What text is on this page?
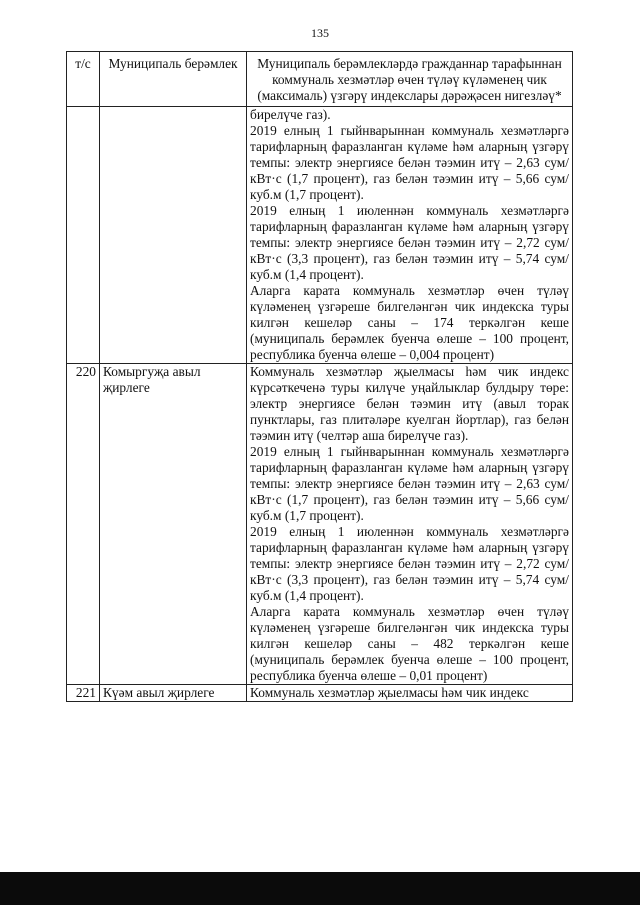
135
т/с	Муниципаль берәмлек	Муниципаль берәмлекләрдә гражданнар тарафыннан коммуналь хезмәтләр өчен түләү күләменең чик (максималь) үзгәрү индекслары дәрәҗәсен нигезләү*

		бирелүче газ).

2019 елның 1 гыйнварыннан коммуналь хезмәтләргә тарифларның фаразланган күләме һәм аларның үзгәрү темпы: электр энергиясе белән тәэмин итү – 2,63 сум/кВт·с (1,7 процент), газ белән тәэмин итү – 5,66 сум/куб.м (1,7 процент).

2019 елның 1 июленнән коммуналь хезмәтләргә тарифларның фаразланган күләме һәм аларның үзгәрү темпы: электр энергиясе белән тәэмин итү – 2,72 сум/кВт·с (3,3 процент), газ белән тәэмин итү – 5,74 сум/куб.м (1,4 процент).

Аларга карата коммуналь хезмәтләр өчен түләү күләменең үзгәреше билгеләнгән чик индекска туры килгән кешеләр саны – 174 теркәлгән кеше (муниципаль берәмлек буенча өлеше – 100 процент, республика буенча өлеше – 0,004 процент)

220	Комыргуҗа авыл җирлеге	Коммуналь хезмәтләр җыелмасы һәм чик индекс күрсәткеченә туры килүче уңайлыклар булдыру төре: электр энергиясе белән тәэмин итү (авыл торак пунктлары, газ плитәләре куелган йортлар), газ белән тәэмин итү (челтәр аша бирелүче газ).

2019 елның 1 гыйнварыннан коммуналь хезмәтләргә тарифларның фаразланган күләме һәм аларның үзгәрү темпы: электр энергиясе белән тәэмин итү – 2,63 сум/кВт·с (1,7 процент), газ белән тәэмин итү – 5,66 сум/куб.м (1,7 процент).

2019 елның 1 июленнән коммуналь хезмәтләргә тарифларның фаразланган күләме һәм аларның үзгәрү темпы: электр энергиясе белән тәэмин итү – 2,72 сум/кВт·с (3,3 процент), газ белән тәэмин итү – 5,74 сум/куб.м (1,4 процент).

Аларга карата коммуналь хезмәтләр өчен түләү күләменең үзгәреше билгеләнгән чик индекска туры килгән кешеләр саны – 482 теркәлгән кеше (муниципаль берәмлек буенча өлеше – 100 процент, республика буенча өлеше – 0,01 процент)

221	Күәм авыл җирлеге	Коммуналь хезмәтләр җыелмасы һәм чик индекс
